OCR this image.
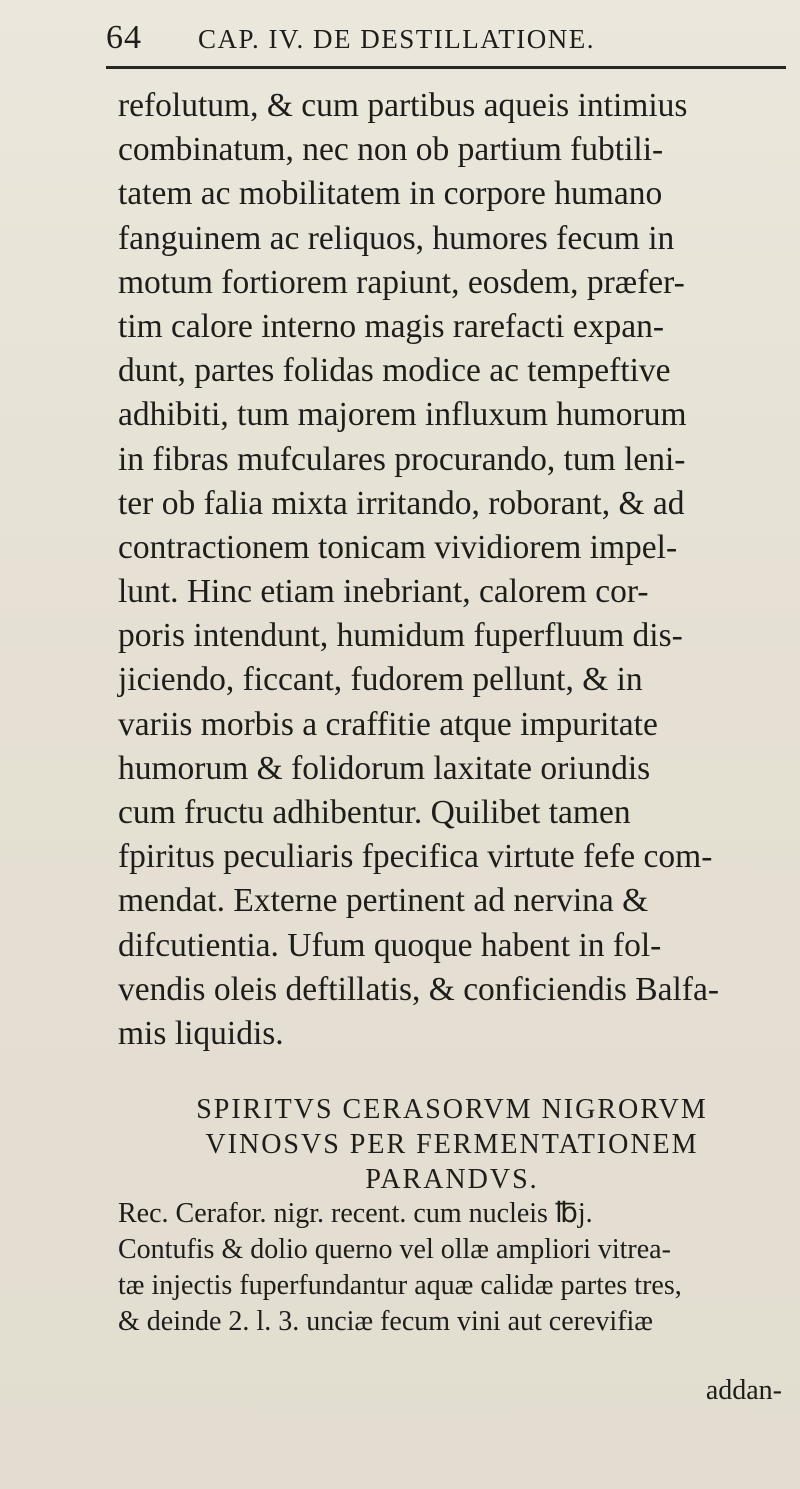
64 CAP. IV. DE DESTILLATIONE.
refolutum, & cum partibus aqueis intimius
combinatum, nec non ob partium fubtili-
tatem ac mobilitatem in corpore humano
fanguinem ac reliquos, humores fecum in
motum fortiorem rapiunt, eosdem, præfer-
tim calore interno magis rarefacti expan-
dunt, partes folidas modice ac tempeftive
adhibiti, tum majorem influxum humorum
in fibras mufculares procurando, tum leni-
ter ob falia mixta irritando, roborant, & ad
contractionem tonicam vividiorem impel-
lunt. Hinc etiam inebriant, calorem cor-
poris intendunt, humidum fuperfluum dis-
jiciendo, ficcant, fudorem pellunt, & in
variis morbis a craffitie atque impuritate
humorum & folidorum laxitate oriundis
cum fructu adhibentur. Quilibet tamen
fpiritus peculiaris fpecifica virtute fefe com-
mendat. Externe pertinent ad nervina &
difcutientia. Ufum quoque habent in fol-
vendis oleis deftillatis, & conficiendis Balfa-
mis liquidis.
SPIRITVS CERASORVM NIGRORVM
VINOSVS PER FERMENTATIONEM
PARANDVS.
Rec. Cerafor. nigr. recent. cum nucleis ℔j.
Contufis & dolio querno vel ollæ ampliori vitrea-
tæ injectis fuperfundantur aquæ calidæ partes tres,
& deinde 2. l. 3. unciæ fecum vini aut cerevifiæ
addan-
